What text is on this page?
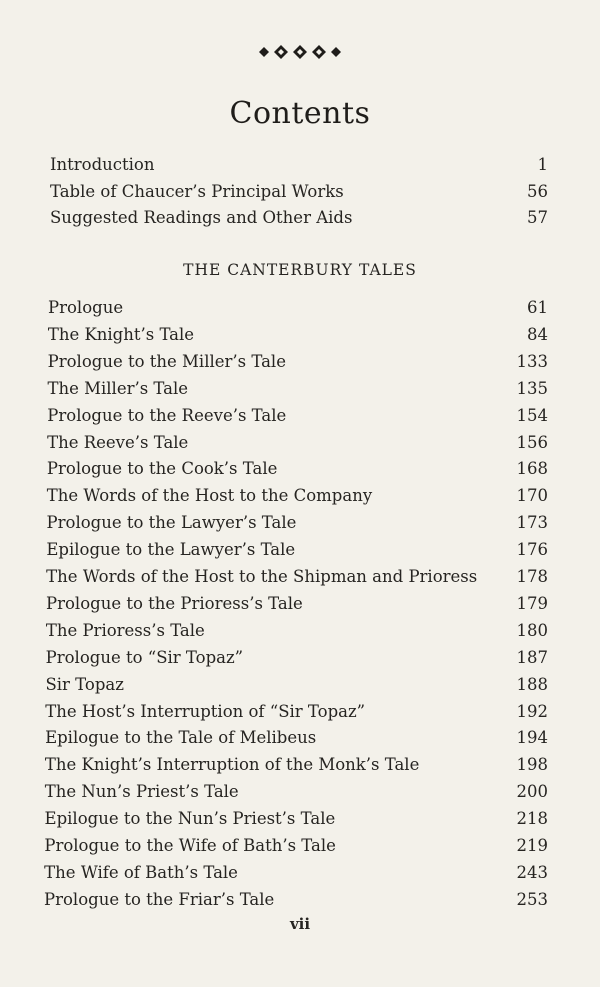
Contents
Introduction	1
Table of Chaucer’s Principal Works	56
Suggested Readings and Other Aids	57
THE CANTERBURY TALES
Prologue	61
The Knight’s Tale	84
Prologue to the Miller’s Tale	133
The Miller’s Tale	135
Prologue to the Reeve’s Tale	154
The Reeve’s Tale	156
Prologue to the Cook’s Tale	168
The Words of the Host to the Company	170
Prologue to the Lawyer’s Tale	173
Epilogue to the Lawyer’s Tale	176
The Words of the Host to the Shipman and Prioress 178
Prologue to the Prioress’s Tale	179
The Prioress’s Tale	180
Prologue to “Sir Topaz”	187
Sir Topaz	188
The Host’s Interruption of “Sir Topaz”	192
Epilogue to the Tale of Melibeus	194
The Knight’s Interruption of the Monk’s Tale	198
The Nun’s Priest’s Tale	200
Epilogue to the Nun’s Priest’s Tale	218
Prologue to the Wife of Bath’s Tale	219
The Wife of Bath’s Tale	243
Prologue to the Friar’s Tale	253
vii
